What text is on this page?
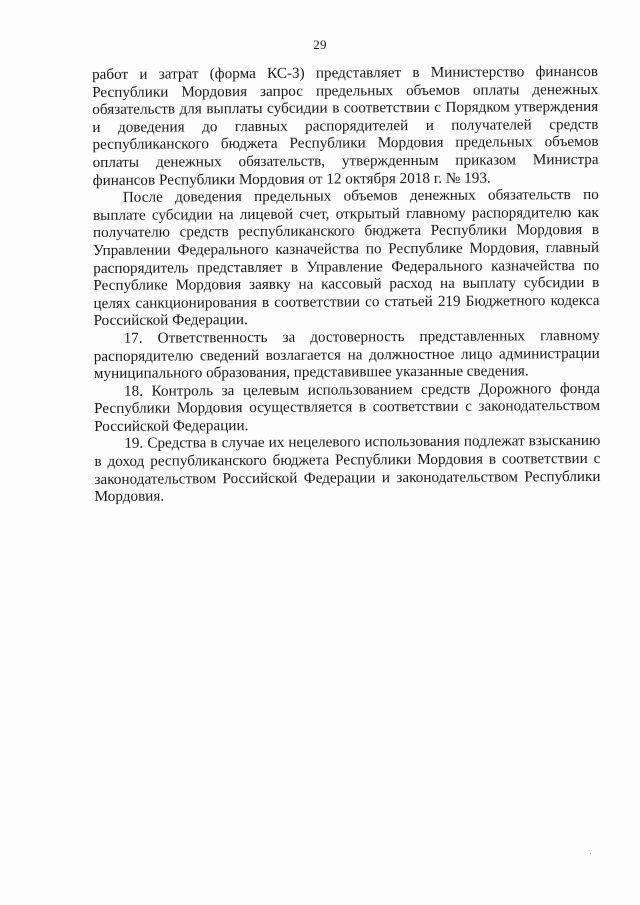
29

работ и затрат (форма КС-3) представляет в Министерство финансов Республики Мордовия запрос предельных объемов оплаты денежных обязательств для выплаты субсидии в соответствии с Порядком утверждения и доведения до главных распорядителей и получателей средств республиканского бюджета Республики Мордовия предельных объемов оплаты денежных обязательств, утвержденным приказом Министра финансов Республики Мордовия от 12 октября 2018 г. № 193.

После доведения предельных объемов денежных обязательств по выплате субсидии на лицевой счет, открытый главному распорядителю как получателю средств республиканского бюджета Республики Мордовия в Управлении Федерального казначейства по Республике Мордовия, главный распорядитель представляет в Управление Федерального казначейства по Республике Мордовия заявку на кассовый расход на выплату субсидии в целях санкционирования в соответствии со статьей 219 Бюджетного кодекса Российской Федерации.

17. Ответственность за достоверность представленных главному распорядителю сведений возлагается на должностное лицо администрации муниципального образования, представившее указанные сведения.

18. Контроль за целевым использованием средств Дорожного фонда Республики Мордовия осуществляется в соответствии с законодательством Российской Федерации.

19. Средства в случае их нецелевого использования подлежат взысканию в доход республиканского бюджета Республики Мордовия в соответствии с законодательством Российской Федерации и законодательством Республики Мордовия.
